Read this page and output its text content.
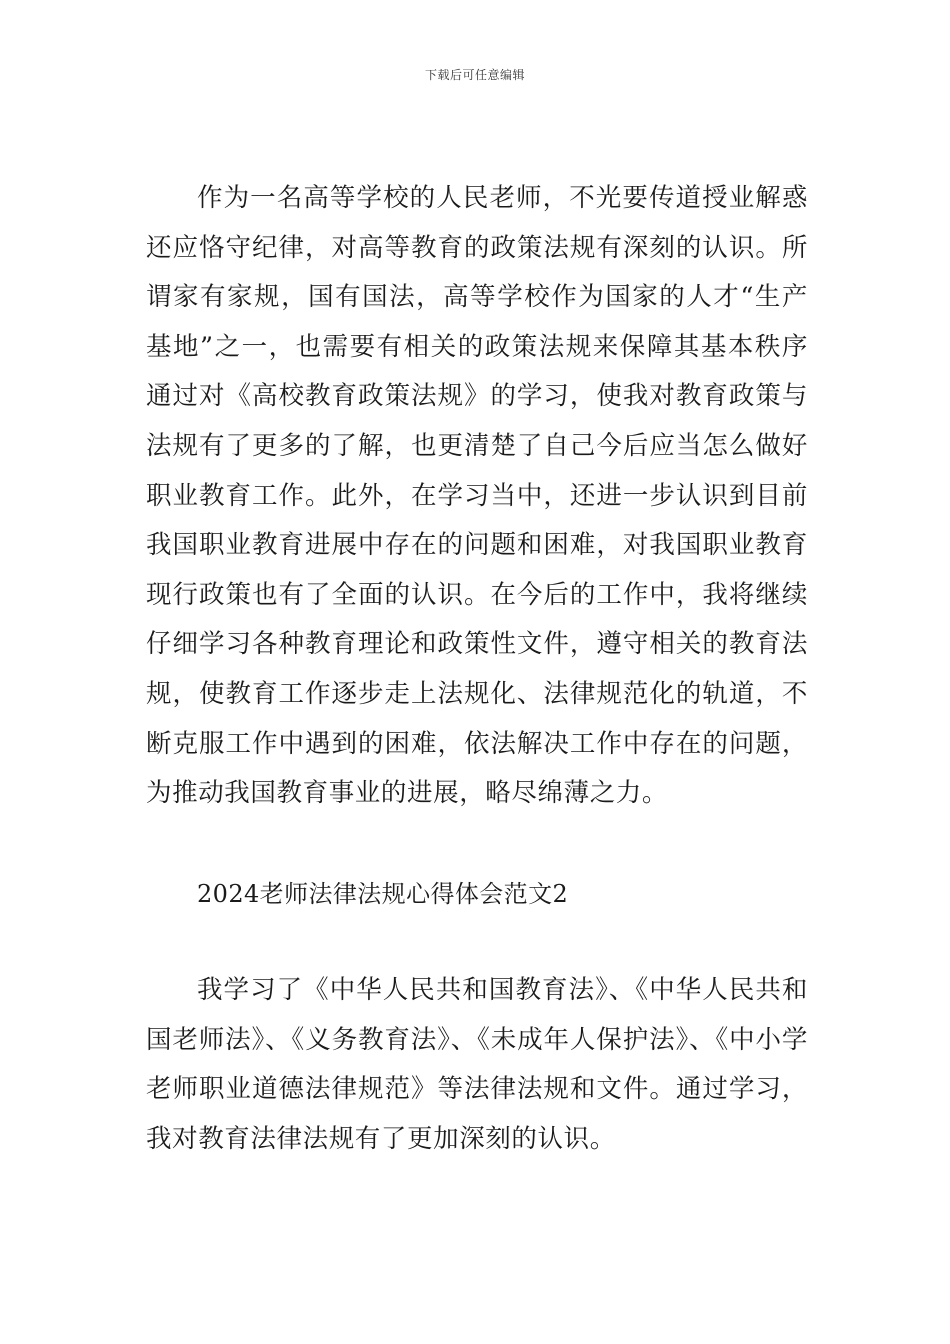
下载后可任意编辑

作为一名高等学校的人民老师，不光要传道授业解惑还应恪守纪律，对高等教育的政策法规有深刻的认识。所谓家有家规，国有国法，高等学校作为国家的人才“生产基地”之一，也需要有相关的政策法规来保障其基本秩序通过对《高校教育政策法规》的学习，使我对教育政策与法规有了更多的了解，也更清楚了自己今后应当怎么做好职业教育工作。此外，在学习当中，还进一步认识到目前我国职业教育进展中存在的问题和困难，对我国职业教育现行政策也有了全面的认识。在今后的工作中，我将继续仔细学习各种教育理论和政策性文件，遵守相关的教育法规，使教育工作逐步走上法规化、法律规范化的轨道，不断克服工作中遇到的困难，依法解决工作中存在的问题，为推动我国教育事业的进展，略尽绵薄之力。

2024老师法律法规心得体会范文2

我学习了《中华人民共和国教育法》、《中华人民共和国老师法》、《义务教育法》、《未成年人保护法》、《中小学老师职业道德法律规范》等法律法规和文件。通过学习，我对教育法律法规有了更加深刻的认识。
